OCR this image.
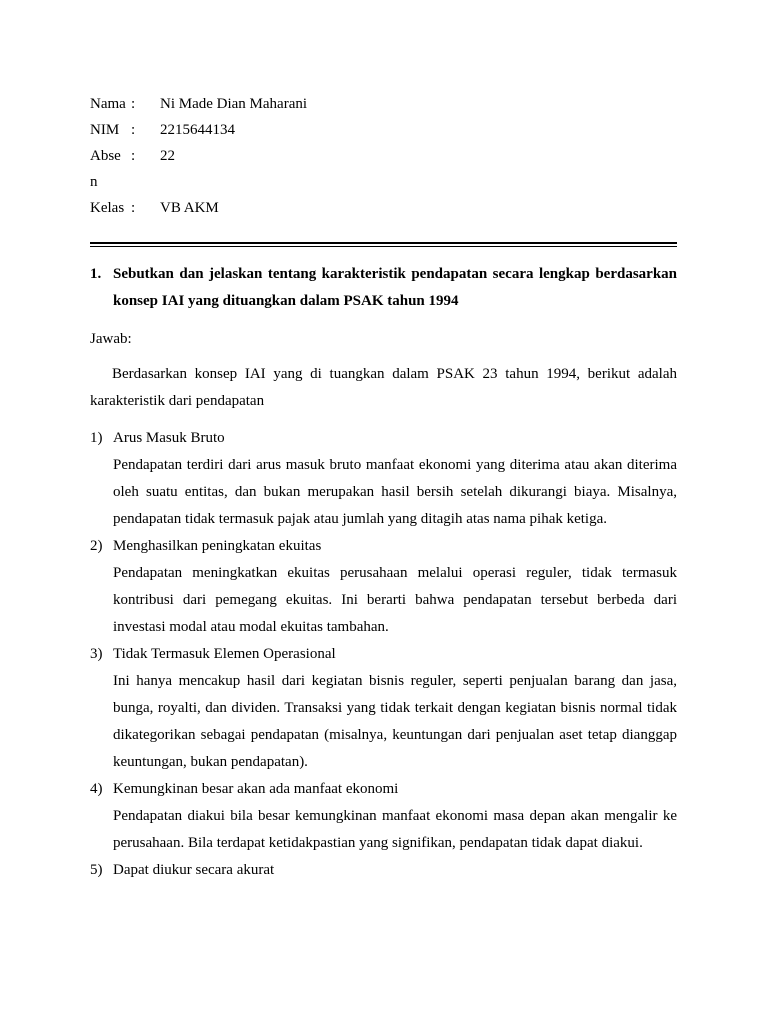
Nama :	Ni Made Dian Maharani
NIM :	2215644134
Abse :	22
n
Kelas :	VB AKM
1. Sebutkan dan jelaskan tentang karakteristik pendapatan secara lengkap berdasarkan konsep IAI yang dituangkan dalam PSAK tahun 1994
Jawab:
Berdasarkan konsep IAI yang di tuangkan dalam PSAK 23 tahun 1994, berikut adalah karakteristik dari pendapatan
1) Arus Masuk Bruto
Pendapatan terdiri dari arus masuk bruto manfaat ekonomi yang diterima atau akan diterima oleh suatu entitas, dan bukan merupakan hasil bersih setelah dikurangi biaya. Misalnya, pendapatan tidak termasuk pajak atau jumlah yang ditagih atas nama pihak ketiga.
2) Menghasilkan peningkatan ekuitas
Pendapatan meningkatkan ekuitas perusahaan melalui operasi reguler, tidak termasuk kontribusi dari pemegang ekuitas. Ini berarti bahwa pendapatan tersebut berbeda dari investasi modal atau modal ekuitas tambahan.
3) Tidak Termasuk Elemen Operasional
Ini hanya mencakup hasil dari kegiatan bisnis reguler, seperti penjualan barang dan jasa, bunga, royalti, dan dividen. Transaksi yang tidak terkait dengan kegiatan bisnis normal tidak dikategorikan sebagai pendapatan (misalnya, keuntungan dari penjualan aset tetap dianggap keuntungan, bukan pendapatan).
4) Kemungkinan besar akan ada manfaat ekonomi
Pendapatan diakui bila besar kemungkinan manfaat ekonomi masa depan akan mengalir ke perusahaan. Bila terdapat ketidakpastian yang signifikan, pendapatan tidak dapat diakui.
5) Dapat diukur secara akurat
